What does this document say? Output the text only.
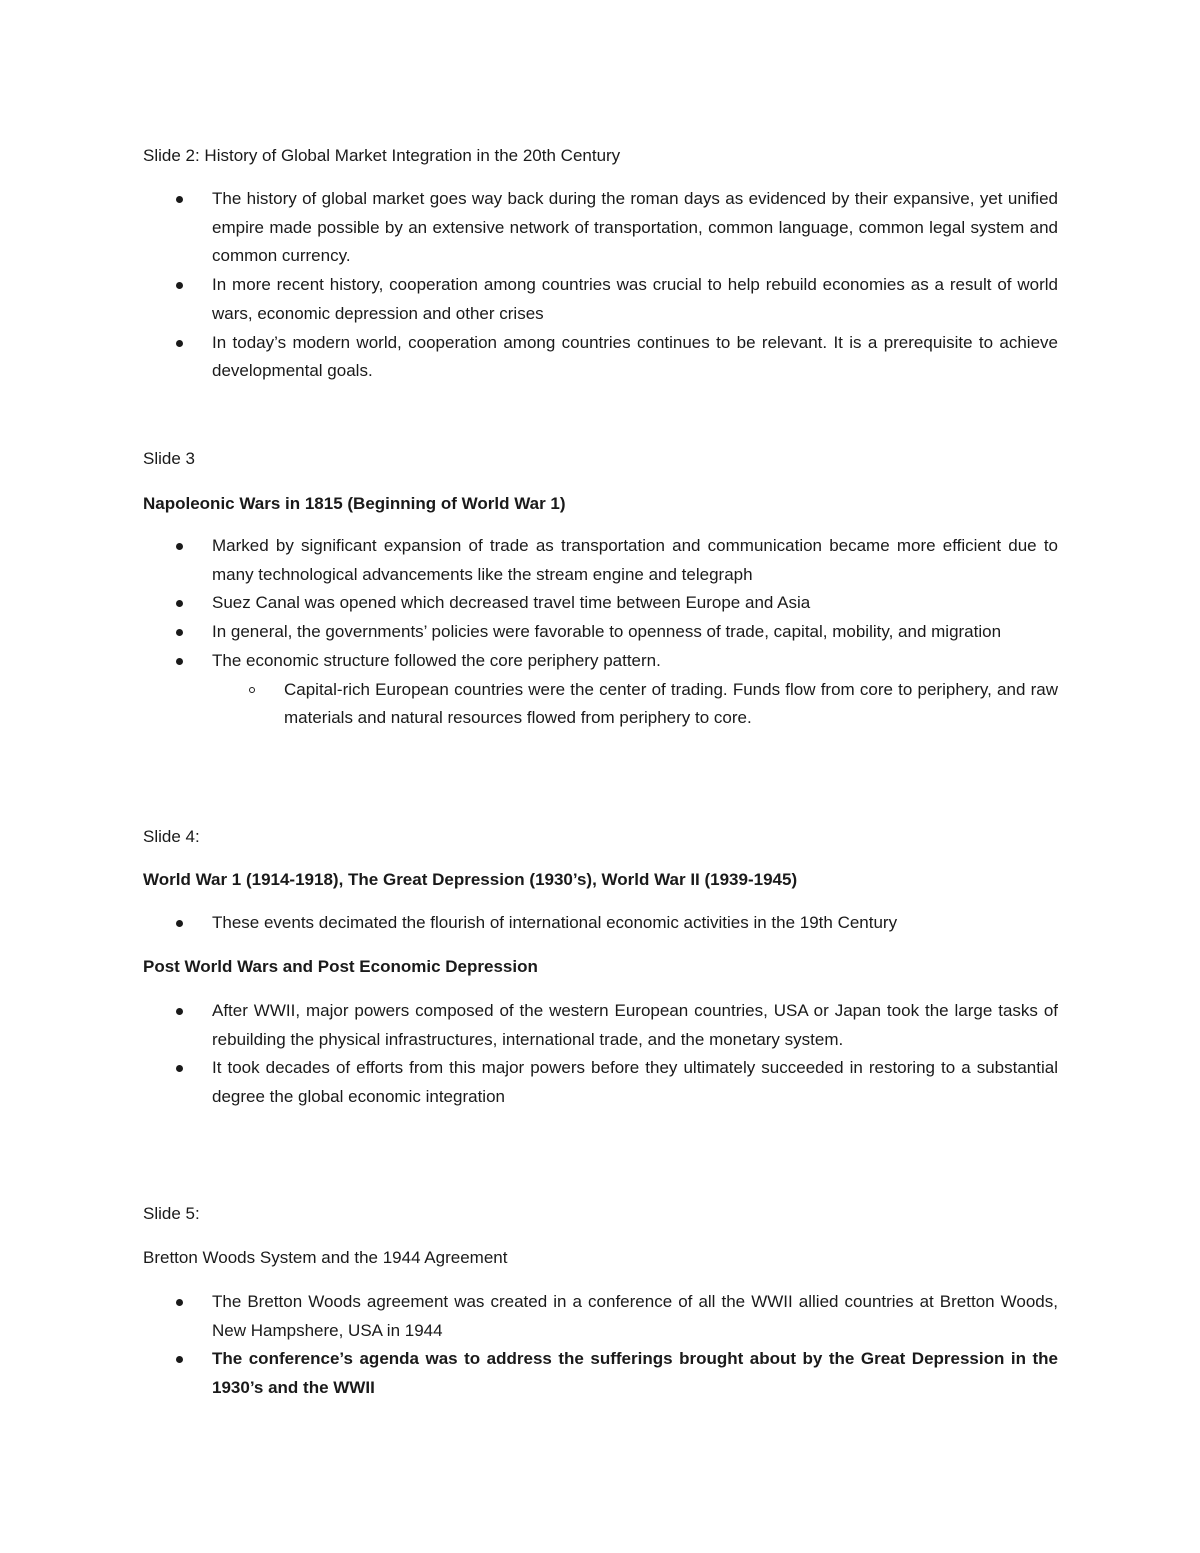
Slide 2: History of Global Market Integration in the 20th Century

The history of global market goes way back during the roman days as evidenced by their expansive, yet unified empire made possible by an extensive network of transportation, common language, common legal system and common currency.
In more recent history, cooperation among countries was crucial to help rebuild economies as a result of world wars, economic depression and other crises
In today’s modern world, cooperation among countries continues to be relevant. It is a prerequisite to achieve developmental goals.

Slide 3

Napoleonic Wars in 1815 (Beginning of World War 1)

Marked by significant expansion of trade as transportation and communication became more efficient due to many technological advancements like the stream engine and telegraph
Suez Canal was opened which decreased travel time between Europe and Asia
In general, the governments’ policies were favorable to openness of trade, capital, mobility, and migration
The economic structure followed the core periphery pattern.
Capital-rich European countries were the center of trading. Funds flow from core to periphery, and raw materials and natural resources flowed from periphery to core.

Slide 4:

World War 1 (1914-1918), The Great Depression (1930’s), World War II (1939-1945)

These events decimated the flourish of international economic activities in the 19th Century

Post World Wars and Post Economic Depression

After WWII, major powers composed of the western European countries, USA or Japan took the large tasks of rebuilding the physical infrastructures, international trade, and the monetary system.
It took decades of efforts from this major powers before they ultimately succeeded in restoring to a substantial degree the global economic integration

Slide 5:

Bretton Woods System and the 1944 Agreement

The Bretton Woods agreement was created in a conference of all the WWII allied countries at Bretton Woods, New Hampshere, USA in 1944
The conference’s agenda was to address the sufferings brought about by the Great Depression in the 1930’s and the WWII
